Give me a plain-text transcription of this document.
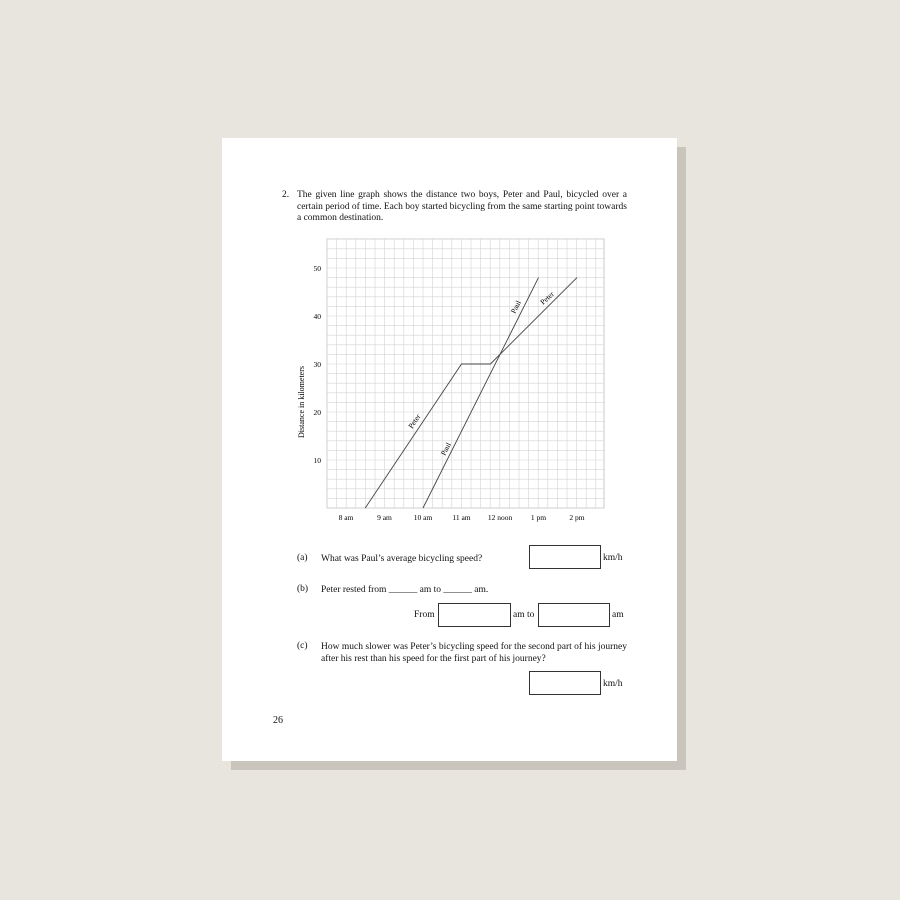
2. The given line graph shows the distance two boys, Peter and Paul, bicycled over a certain period of time. Each boy started bicycling from the same starting point towards a common destination.
Distance in kilometers
10
20
30
40
50
8 am	9 am	10 am	11 am 12 noon 1 pm	2 pm
Peter
Paul
Paul
Peter
(a) What was Paul’s average bicycling speed?	km/h
(b) Peter rested from ______ am to ______ am.
From	am to	am
(c) How much slower was Peter’s bicycling speed for the second part of his journey after his rest than his speed for the first part of his journey?
km/h
26
